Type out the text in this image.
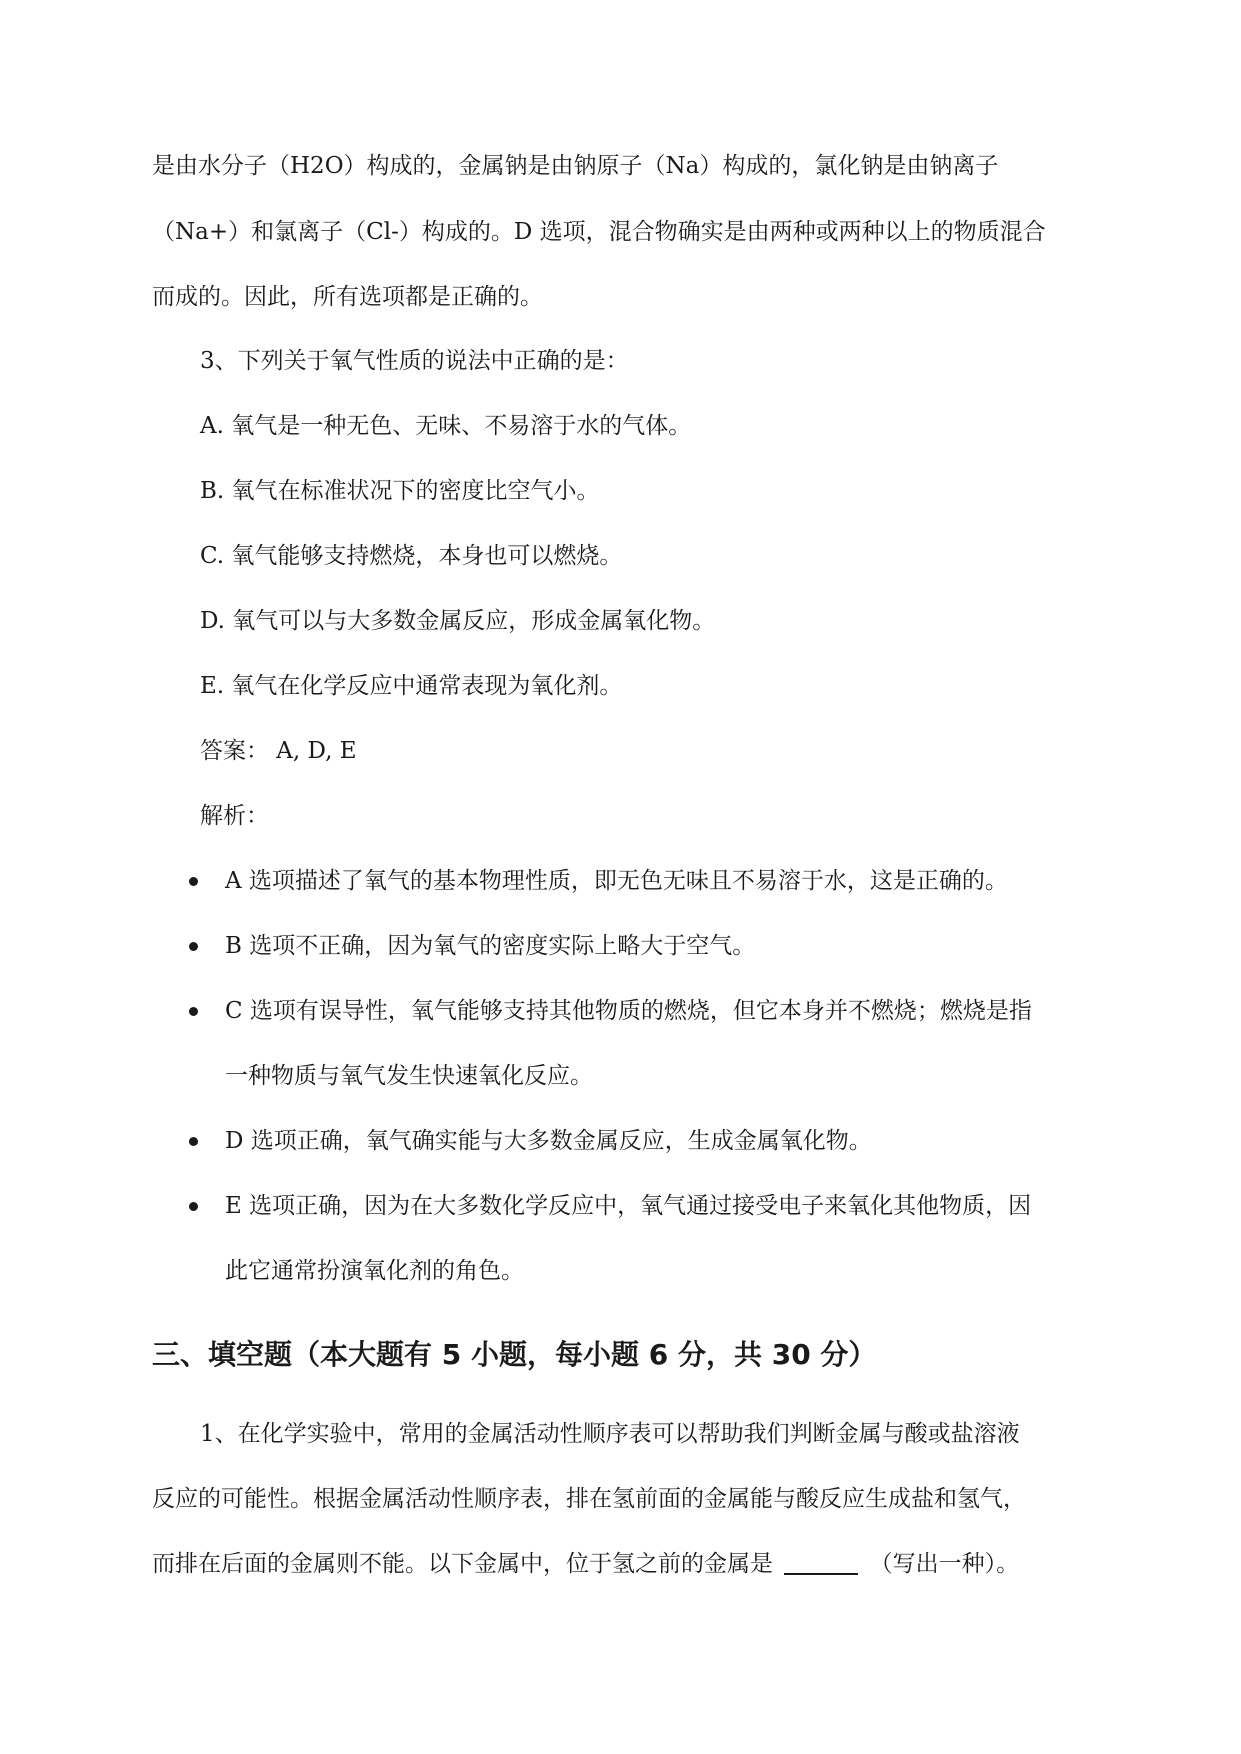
是由水分子（H2O）构成的，金属钠是由钠原子（Na）构成的，氯化钠是由钠离子
（Na+）和氯离子（Cl-）构成的。D 选项，混合物确实是由两种或两种以上的物质混合
而成的。因此，所有选项都是正确的。
3、下列关于氧气性质的说法中正确的是：
A. 氧气是一种无色、无味、不易溶于水的气体。
B. 氧气在标准状况下的密度比空气小。
C. 氧气能够支持燃烧，本身也可以燃烧。
D. 氧气可以与大多数金属反应，形成金属氧化物。
E. 氧气在化学反应中通常表现为氧化剂。
答案： A, D, E
解析：
A 选项描述了氧气的基本物理性质，即无色无味且不易溶于水，这是正确的。
B 选项不正确，因为氧气的密度实际上略大于空气。
C 选项有误导性，氧气能够支持其他物质的燃烧，但它本身并不燃烧；燃烧是指
一种物质与氧气发生快速氧化反应。
D 选项正确，氧气确实能与大多数金属反应，生成金属氧化物。
E 选项正确，因为在大多数化学反应中，氧气通过接受电子来氧化其他物质，因
此它通常扮演氧化剂的角色。
三、填空题（本大题有 5 小题，每小题 6 分，共 30 分）
1、在化学实验中，常用的金属活动性顺序表可以帮助我们判断金属与酸或盐溶液
反应的可能性。根据金属活动性顺序表，排在氢前面的金属能与酸反应生成盐和氢气，
而排在后面的金属则不能。以下金属中，位于氢之前的金属是	（写出一种）。
